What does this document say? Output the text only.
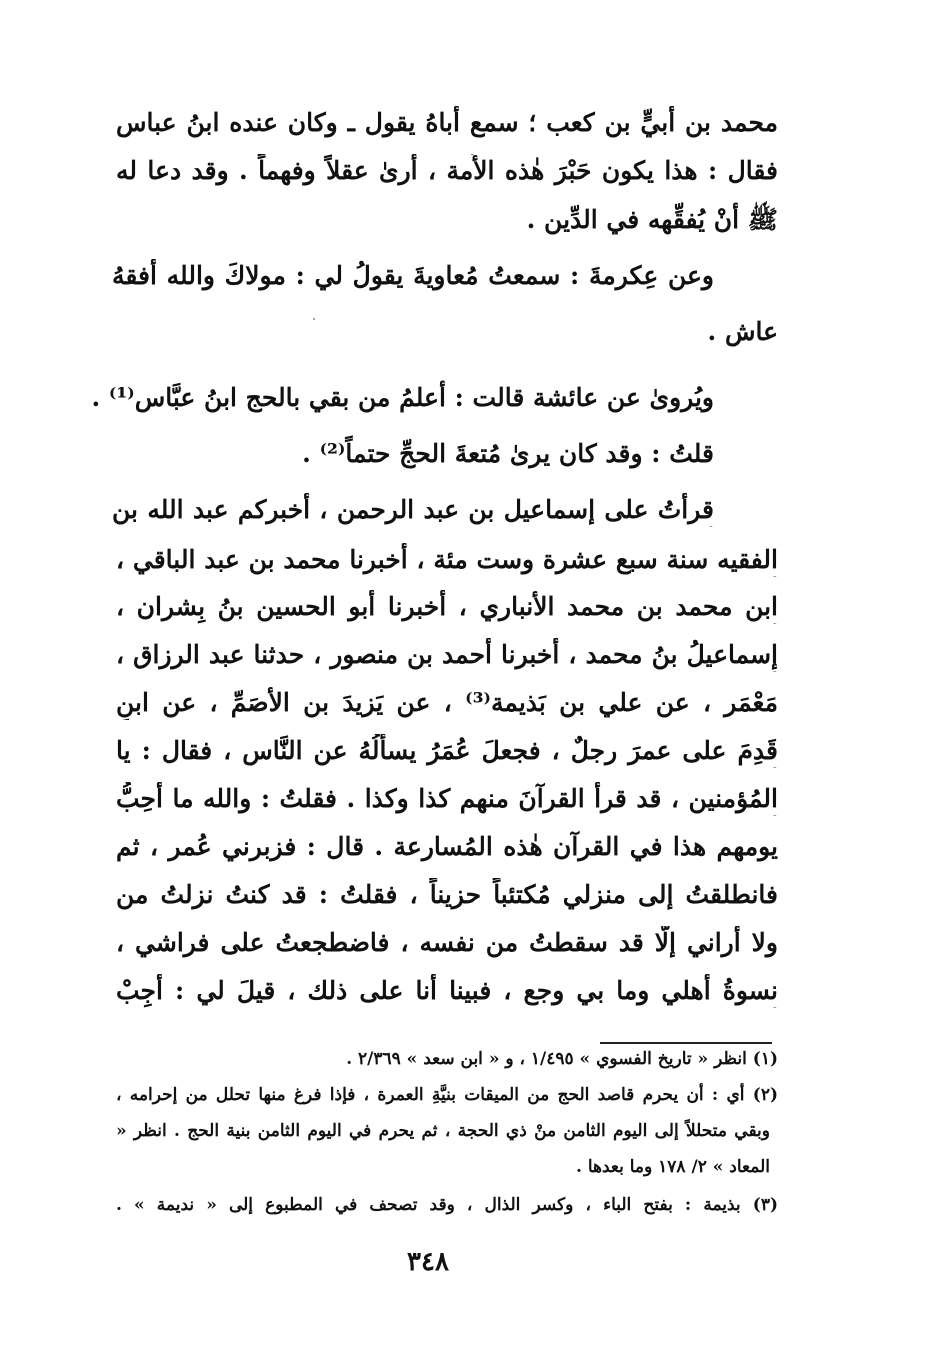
محمد بن أُبيٍّ بن كعب ؛ سمع أباهُ يقول ـ وكان عنده ابنُ عباس
فقال : هذا يكون حَبْرَ هٰذه الأُمة ، أرىٰ عقلاً وفهماً . وقد دعا له
ﷺ أنْ يُفقِّهه في الدِّين .
وعن عِكرمةَ : سمعتُ مُعاويةَ يقولُ لي : مولاكَ والله أفقهُ
عاش .
ويُروىٰ عن عائشة قالت : أعلمُ من بقي بالحج ابنُ عبَّاس⁽¹⁾ .
قلتُ : وقد كان يرىٰ مُتعةَ الحجِّ حتماً⁽²⁾ .
قرأتُ على إسماعيل بن عبد الرحمن ، أخبركم عبد الله بن
الفقيه سنة سبع عشرة وست مئة ، أخبرنا محمد بن عبد الباقي ،
ابن محمد بن محمد الأنباري ، أخبرنا أبو الحسين بنُ بِشران ،
إسماعيلُ بنُ محمد ، أخبرنا أحمد بن منصور ، حدثنا عبد الرزاق ،
مَعْمَر ، عن علي بن بَذيمة⁽³⁾ ، عن يَزيدَ بن الأصَمِّ ، عن ابنِ
قَدِمَ على عمرَ رجلٌ ، فجعلَ عُمَرُ يسألُهُ عن النَّاس ، فقال : يا
المُؤمنين ، قد قرأ القرآنَ منهم كذا وكذا . فقلتُ : والله ما أُحِبُّ
يومهم هذا في القرآن هٰذه المُسارعة . قال : فزبرني عُمر ، ثم
فانطلقتُ إلى منزلي مُكتئباً حزيناً ، فقلتُ : قد كنتُ نزلتُ من
ولا أُراني إلَّا قد سقطتُ من نفسه ، فاضطجعتُ على فراشي ،
نسوةُ أهلي وما بي وجع ، فبينا أنا على ذلك ، قيلَ لي : أَجِبْ
(١) انظر « تاريخ الفسوي » ١/٤٩٥ ، و « ابن سعد » ٢/٣٦٩ .
(٢) أي : أن يحرم قاصد الحج من الميقات بنيَّةِ العمرة ، فإذا فرغ منها تحلل من إحرامه ،
وبقي متحللاً إلى اليوم الثامن منْ ذي الحجة ، ثم يحرم في اليوم الثامن بنية الحج . انظر «
المعاد » ٢/ ١٧٨ وما بعدها .
(٣) بذيمة : بفتح الباء ، وكسر الذال ، وقد تصحف في المطبوع إلى « نديمة » .
٣٤٨
